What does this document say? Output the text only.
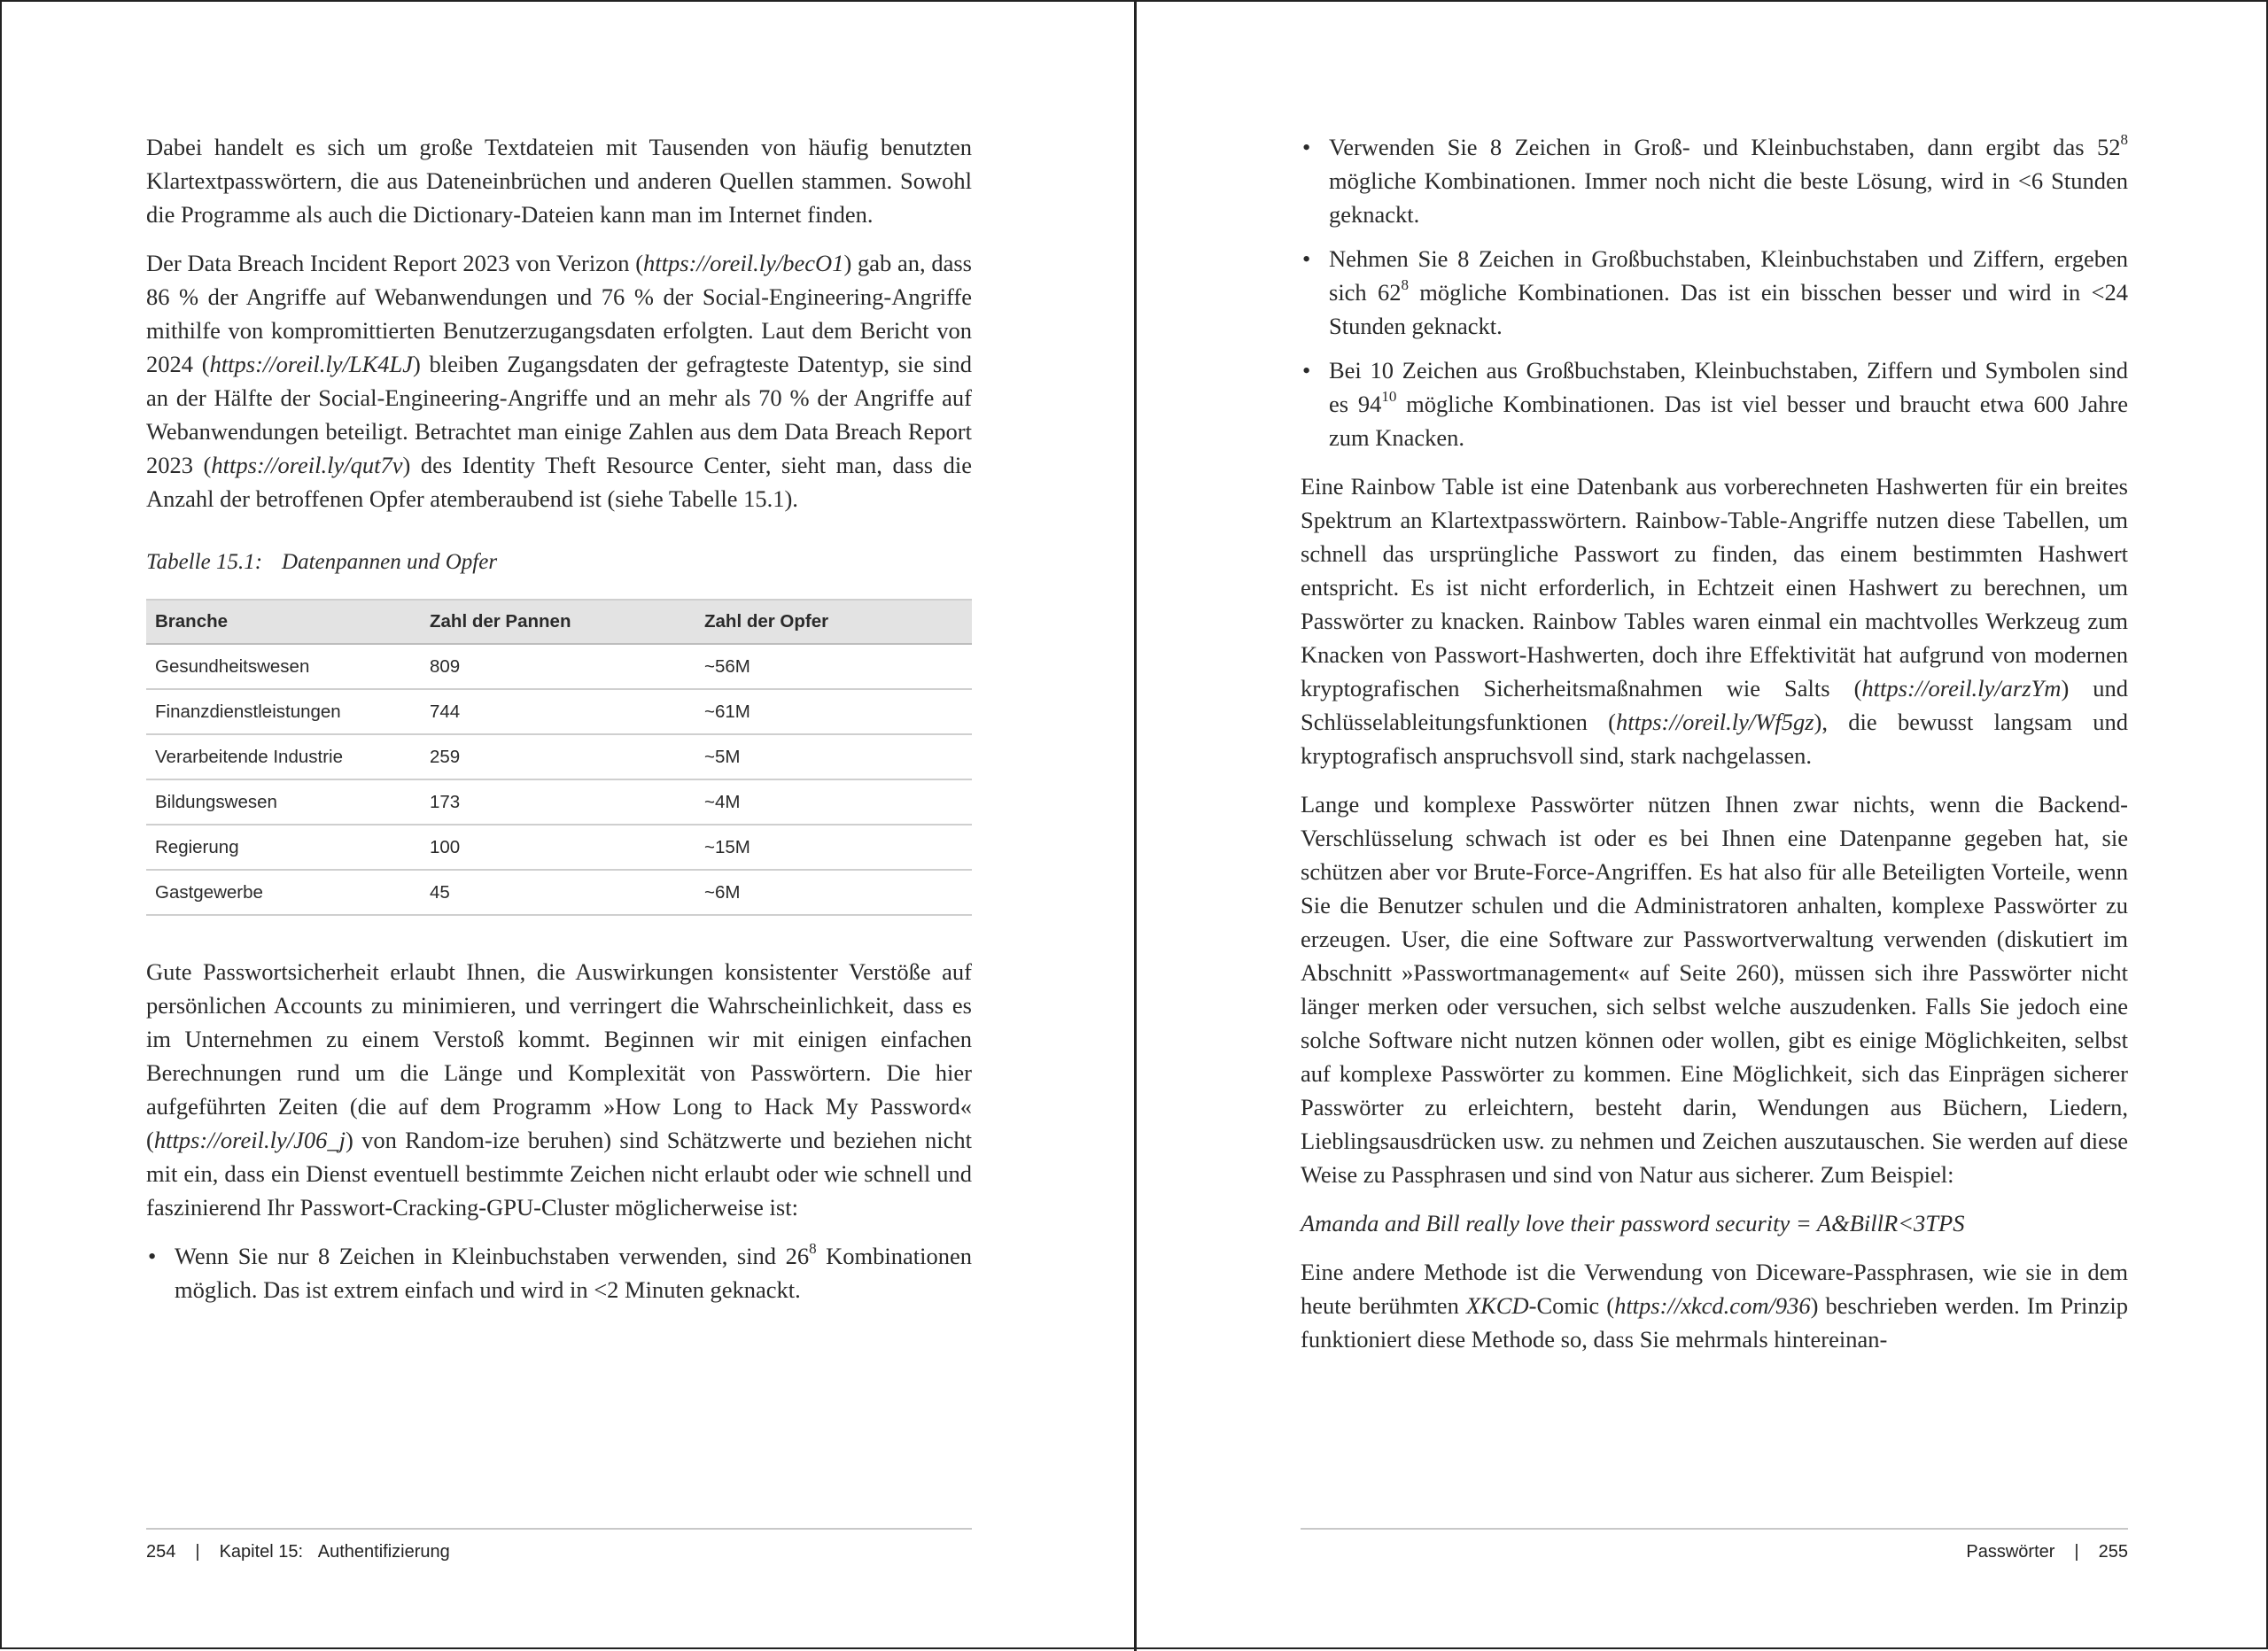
Dabei handelt es sich um große Textdateien mit Tausenden von häufig benutzten Klartextpasswörtern, die aus Dateneinbrüchen und anderen Quellen stammen. Sowohl die Programme als auch die Dictionary-Dateien kann man im Internet finden.

Der Data Breach Incident Report 2023 von Verizon (https://oreil.ly/becO1) gab an, dass 86 % der Angriffe auf Webanwendungen und 76 % der Social-Engineering-Angriffe mithilfe von kompromittierten Benutzerzugangsdaten erfolgten. Laut dem Bericht von 2024 (https://oreil.ly/LK4LJ) bleiben Zugangsdaten der gefragteste Datentyp, sie sind an der Hälfte der Social-Engineering-Angriffe und an mehr als 70 % der Angriffe auf Webanwendungen beteiligt. Betrachtet man einige Zahlen aus dem Data Breach Report 2023 (https://oreil.ly/qut7v) des Identity Theft Resource Center, sieht man, dass die Anzahl der betroffenen Opfer atemberaubend ist (siehe Tabelle 15.1).

Tabelle 15.1: Datenpannen und Opfer
Branche	Zahl der Pannen	Zahl der Opfer
Gesundheitswesen	809	~56M
Finanzdienstleistungen	744	~61M
Verarbeitende Industrie	259	~5M
Bildungswesen	173	~4M
Regierung	100	~15M
Gastgewerbe	45	~6M

Gute Passwortsicherheit erlaubt Ihnen, die Auswirkungen konsistenter Verstöße auf persönlichen Accounts zu minimieren, und verringert die Wahrscheinlichkeit, dass es im Unternehmen zu einem Verstoß kommt. Beginnen wir mit einigen einfachen Berechnungen rund um die Länge und Komplexität von Passwörtern. Die hier aufgeführten Zeiten (die auf dem Programm »How Long to Hack My Password« (https://oreil.ly/J06_j) von Random-ize beruhen) sind Schätzwerte und beziehen nicht mit ein, dass ein Dienst eventuell bestimmte Zeichen nicht erlaubt oder wie schnell und faszinierend Ihr Passwort-Cracking-GPU-Cluster möglicherweise ist:

• Wenn Sie nur 8 Zeichen in Kleinbuchstaben verwenden, sind $26^8$ Kombinationen möglich. Das ist extrem einfach und wird in <2 Minuten geknackt.
254 | Kapitel 15: Authentifizierung
• Verwenden Sie 8 Zeichen in Groß- und Kleinbuchstaben, dann ergibt das $52^8$ mögliche Kombinationen. Immer noch nicht die beste Lösung, wird in <6 Stunden geknackt.
• Nehmen Sie 8 Zeichen in Großbuchstaben, Kleinbuchstaben und Ziffern, ergeben sich $62^8$ mögliche Kombinationen. Das ist ein bisschen besser und wird in <24 Stunden geknackt.
• Bei 10 Zeichen aus Großbuchstaben, Kleinbuchstaben, Ziffern und Symbolen sind es $94^{10}$ mögliche Kombinationen. Das ist viel besser und braucht etwa 600 Jahre zum Knacken.

Eine Rainbow Table ist eine Datenbank aus vorberechneten Hashwerten für ein breites Spektrum an Klartextpasswörtern. Rainbow-Table-Angriffe nutzen diese Tabellen, um schnell das ursprüngliche Passwort zu finden, das einem bestimmten Hashwert entspricht. Es ist nicht erforderlich, in Echtzeit einen Hashwert zu berechnen, um Passwörter zu knacken. Rainbow Tables waren einmal ein machtvolles Werkzeug zum Knacken von Passwort-Hashwerten, doch ihre Effektivität hat aufgrund von modernen kryptografischen Sicherheitsmaßnahmen wie Salts (https://oreil.ly/arzYm) und Schlüsselableitungsfunktionen (https://oreil.ly/Wf5gz), die bewusst langsam und kryptografisch anspruchsvoll sind, stark nachgelassen.

Lange und komplexe Passwörter nützen Ihnen zwar nichts, wenn die Backend-Verschlüsselung schwach ist oder es bei Ihnen eine Datenpanne gegeben hat, sie schützen aber vor Brute-Force-Angriffen. Es hat also für alle Beteiligten Vorteile, wenn Sie die Benutzer schulen und die Administratoren anhalten, komplexe Passwörter zu erzeugen. User, die eine Software zur Passwortverwaltung verwenden (diskutiert im Abschnitt »Passwortmanagement« auf Seite 260), müssen sich ihre Passwörter nicht länger merken oder versuchen, sich selbst welche auszudenken. Falls Sie jedoch eine solche Software nicht nutzen können oder wollen, gibt es einige Möglichkeiten, selbst auf komplexe Passwörter zu kommen. Eine Möglichkeit, sich das Einprägen sicherer Passwörter zu erleichtern, besteht darin, Wendungen aus Büchern, Liedern, Lieblingsausdrücken usw. zu nehmen und Zeichen auszutauschen. Sie werden auf diese Weise zu Passphrasen und sind von Natur aus sicherer. Zum Beispiel:

Amanda and Bill really love their password security = A&BillR<3TPS

Eine andere Methode ist die Verwendung von Diceware-Passphrasen, wie sie in dem heute berühmten XKCD-Comic (https://xkcd.com/936) beschrieben werden. Im Prinzip funktioniert diese Methode so, dass Sie mehrmals hintereinan-

Passwörter | 255
